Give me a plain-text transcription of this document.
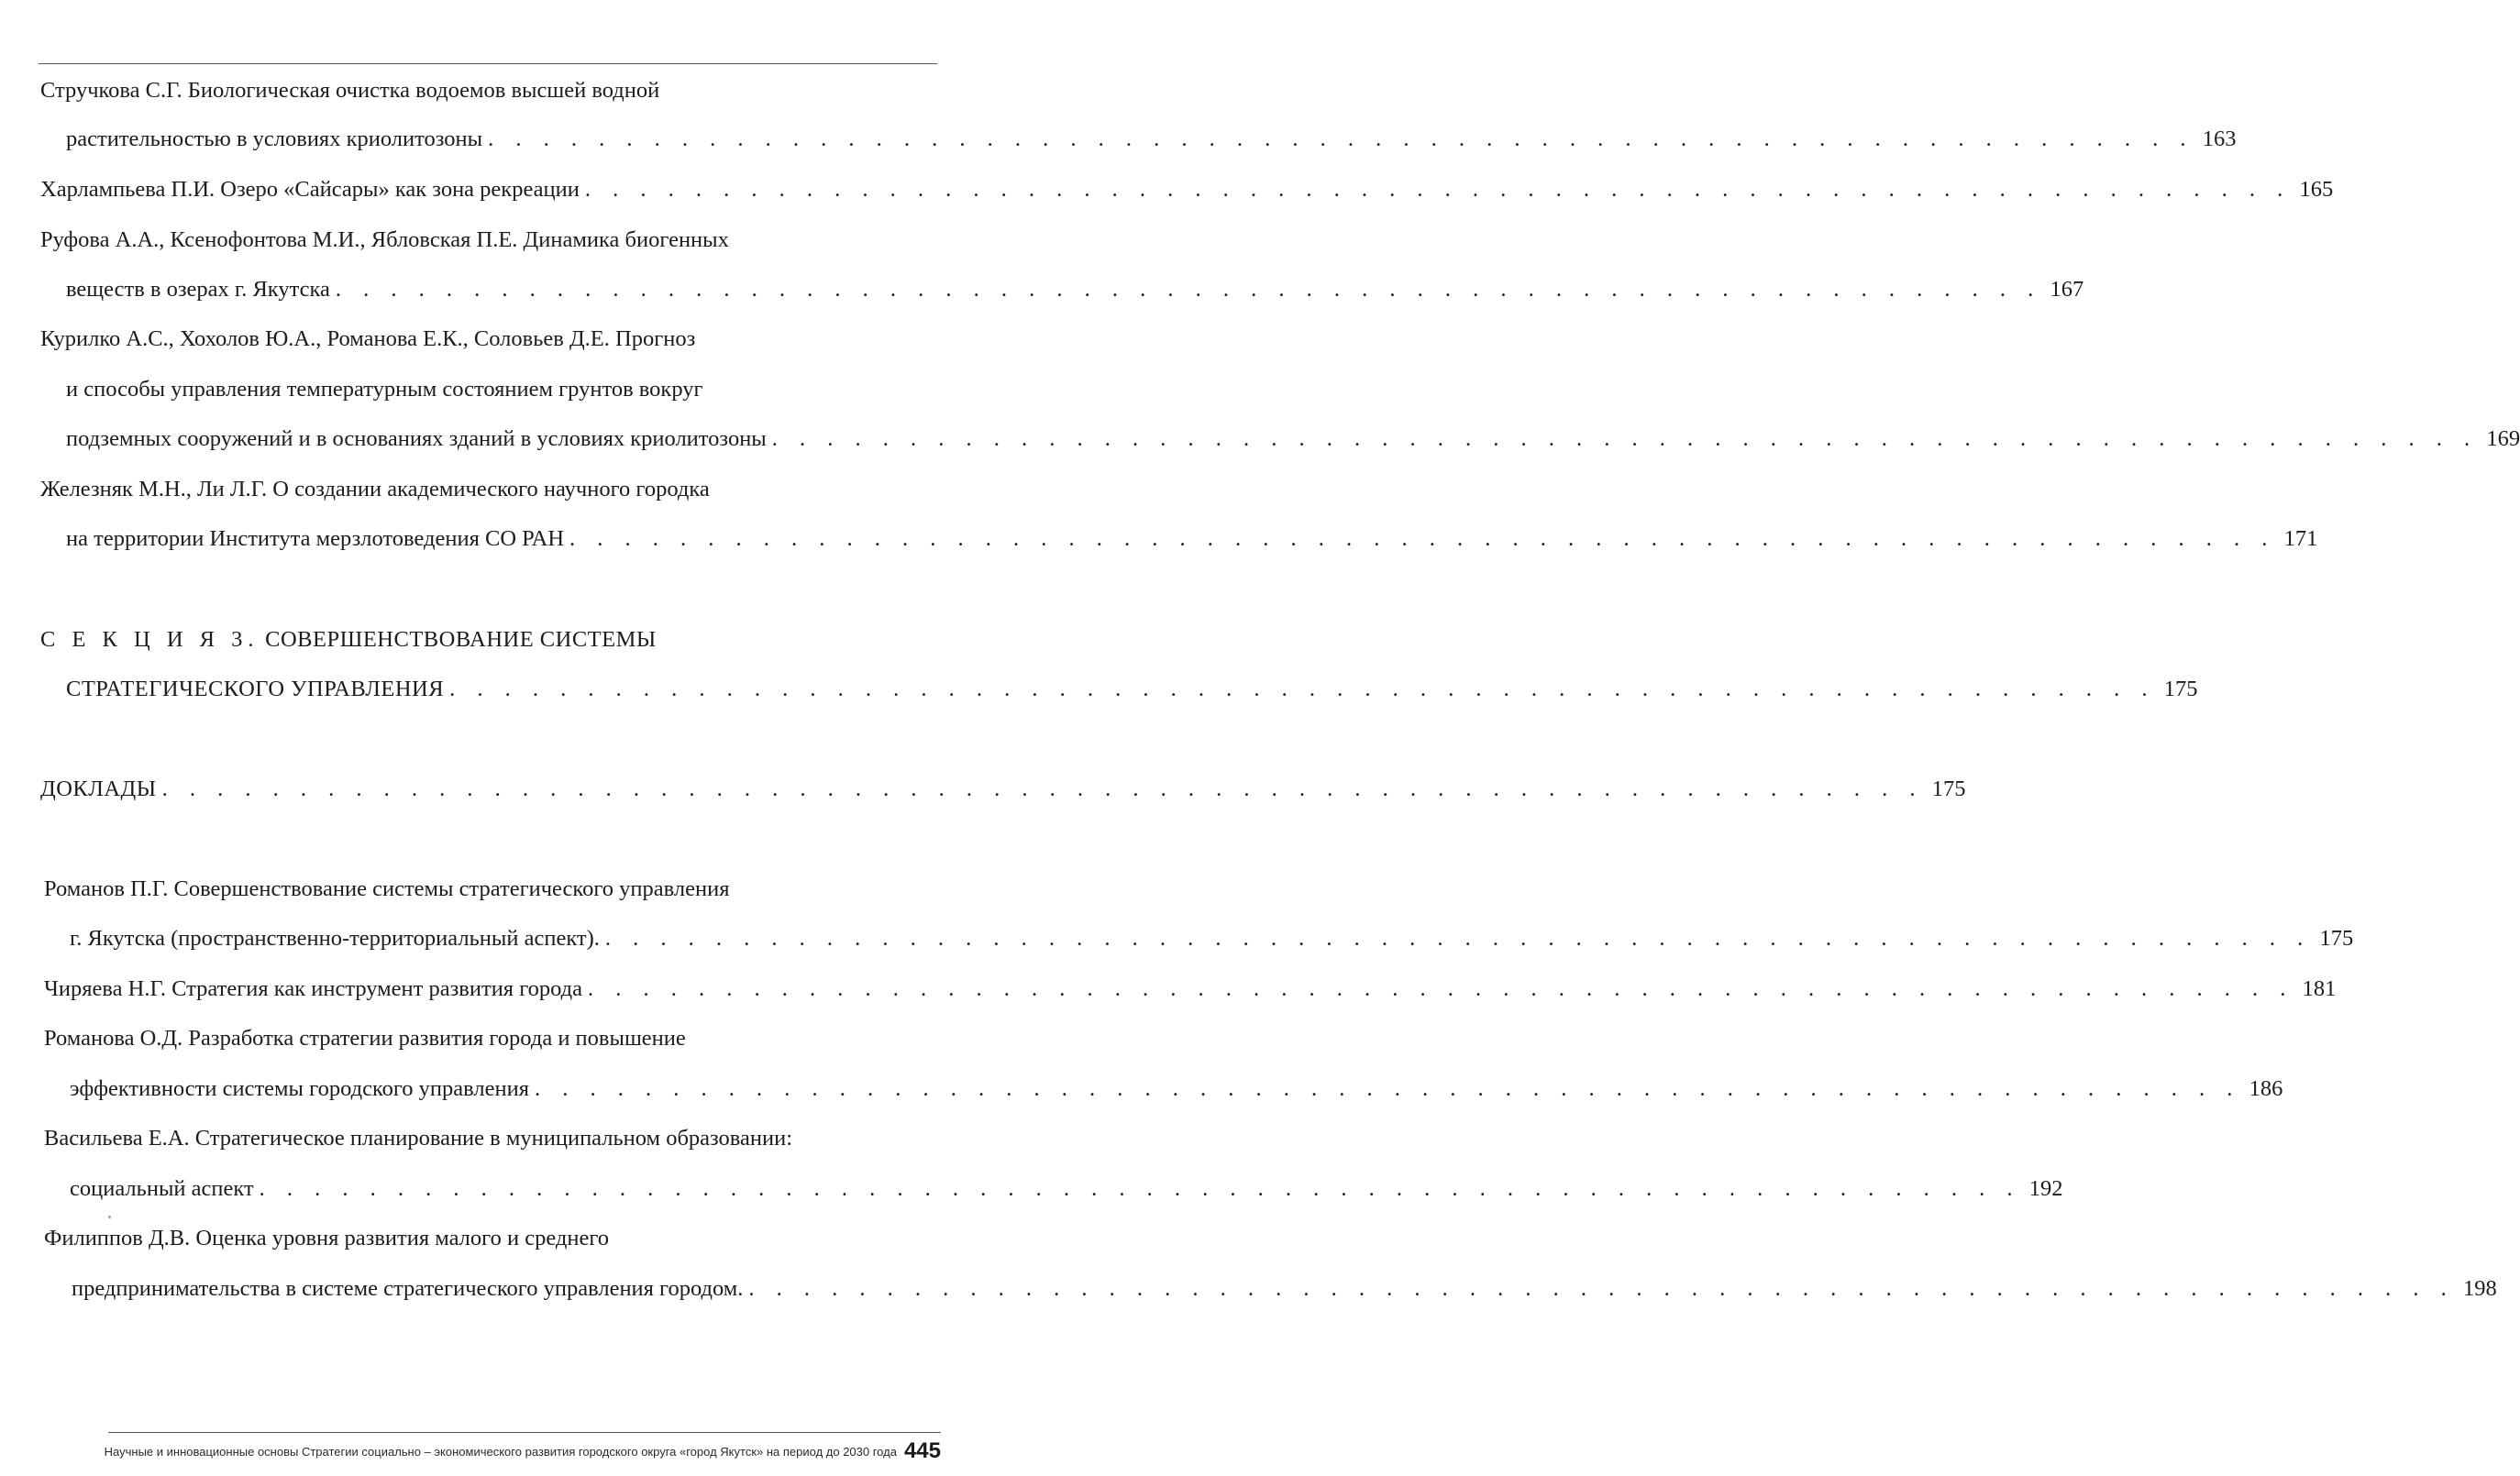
Стручкова С.Г. Биологическая очистка водоемов высшей водной
растительностью в условиях криолитозоны . . . . . . . . . . . . . . . . . . . . . . . . . . . . . . . . . . . . . . . . . . . . . . . . . . . . . . . . . . . . . . 163
Харлампьева П.И. Озеро «Сайсары» как зона рекреации . . . . . . . . . . . . . . . . . . . . . . . . . . . . . . . . . . . . . . . . . . . . . . . . . . . . . . . . . . . . . . 165
Руфова А.А., Ксенофонтова М.И., Ябловская П.Е. Динамика биогенных
веществ в озерах г. Якутска . . . . . . . . . . . . . . . . . . . . . . . . . . . . . . . . . . . . . . . . . . . . . . . . . . . . . . . . . . . . . . 167
Курилко А.С., Хохолов Ю.А., Романова Е.К., Соловьев Д.Е. Прогноз
и способы управления температурным состоянием грунтов вокруг
подземных сооружений и в основаниях зданий в условиях криолитозоны . . . . . . . . . . . . . . . . . . . . . . . . . . . . . . . . . . . . . . . . . . . . . . . . . . . . . . . . . . . . . . 169
Железняк М.Н., Ли Л.Г. О создании академического научного городка
на территории Института мерзлотоведения СО РАН . . . . . . . . . . . . . . . . . . . . . . . . . . . . . . . . . . . . . . . . . . . . . . . . . . . . . . . . . . . . . . 171
С Е К Ц И Я 3. СОВЕРШЕНСТВОВАНИЕ СИСТЕМЫ
СТРАТЕГИЧЕСКОГО УПРАВЛЕНИЯ . . . . . . . . . . . . . . . . . . . . . . . . . . . . . . . . . . . . . . . . . . . . . . . . . . . . . . . . . . . . . . 175
ДОКЛАДЫ . . . . . . . . . . . . . . . . . . . . . . . . . . . . . . . . . . . . . . . . . . . . . . . . . . . . . . . . . . . . . . . . 175
Романов П.Г. Совершенствование системы стратегического управления
г. Якутска (пространственно-территориальный аспект). . . . . . . . . . . . . . . . . . . . . . . . . . . . . . . . . . . . . . . . . . . . . . . . . . . . . . . . . . . . . . . 175
Чиряева Н.Г. Стратегия как инструмент развития города . . . . . . . . . . . . . . . . . . . . . . . . . . . . . . . . . . . . . . . . . . . . . . . . . . . . . . . . . . . . . . 181
Романова О.Д. Разработка стратегии развития города и повышение
эффективности системы городского управления . . . . . . . . . . . . . . . . . . . . . . . . . . . . . . . . . . . . . . . . . . . . . . . . . . . . . . . . . . . . . . 186
Васильева Е.А. Стратегическое планирование в муниципальном образовании:
социальный аспект . . . . . . . . . . . . . . . . . . . . . . . . . . . . . . . . . . . . . . . . . . . . . . . . . . . . . . . . . . . . . . . . 192
Филиппов Д.В. Оценка уровня развития малого и среднего
предпринимательства в системе стратегического управления городом. . . . . . . . . . . . . . . . . . . . . . . . . . . . . . . . . . . . . . . . . . . . . . . . . . . . . . . . . . . . . . . 198
Научные и инновационные основы Стратегии социально – экономического развития городского округа «город Якутск» на период до 2030 года 445
